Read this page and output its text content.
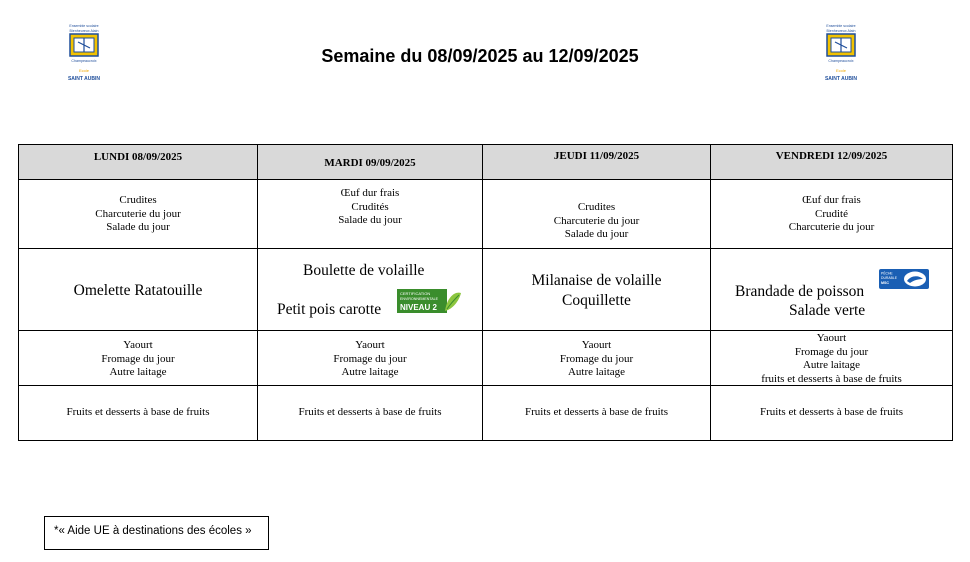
Ensemble scolaire
Bienheureux Alain
Champeaucroix
Ecole
SAINT AUBIN
Ensemble scolaire
Bienheureux Alain
Champeaucroix
Ecole
SAINT AUBIN
Semaine du 08/09/2025 au 12/09/2025
LUNDI 08/09/2025
Crudites
Charcuterie du jour
Salade du jour
Omelette Ratatouille
Yaourt
Fromage du jour
Autre laitage
Fruits et desserts à base de fruits
MARDI 09/09/2025
Œuf dur frais
Crudités
Salade du jour
Boulette de volaille
Petit pois carotte
CERTIFICATION
ENVIRONNEMENTALE
NIVEAU 2
Yaourt
Fromage du jour
Autre laitage
Fruits et desserts à base de fruits
JEUDI 11/09/2025
Crudites
Charcuterie du jour
Salade du jour
Milanaise de volaille
Coquillette
Yaourt
Fromage du jour
Autre laitage
Fruits et desserts à base de fruits
VENDREDI 12/09/2025
Œuf dur frais
Crudité
Charcuterie du jour
Brandade de poisson
Salade verte
PÊCHE
DURABLE
MSC
Yaourt
Fromage du jour
Autre laitage
fruits et desserts à base de fruits
Fruits et desserts à base de fruits
*« Aide UE à destinations des écoles »
